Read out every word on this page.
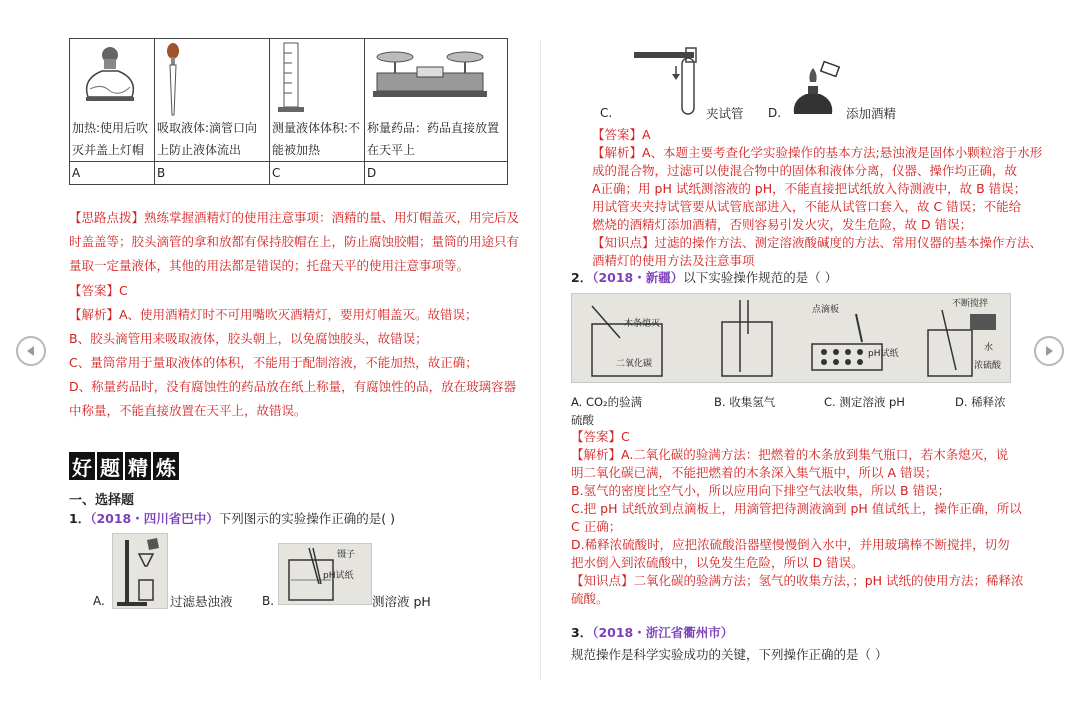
加热:使用后吹灭并盖上灯帽	吸取液体:滴管口向上防止液体流出	测量液体体积:不能被加热	称量药品：药品直接放置在天平上

A	B	C	D
【思路点拨】熟练掌握酒精灯的使用注意事项：酒精的量、用灯帽盖灭，用完后及
时盖盖等；胶头滴管的拿和放都有保持胶帽在上，防止腐蚀胶帽；量筒的用途只有
量取一定量液体，其他的用法都是错误的；托盘天平的使用注意事项等。
【答案】C
【解析】A、使用酒精灯时不可用嘴吹灭酒精灯，要用灯帽盖灭。故错误；
B、胶头滴管用来吸取液体，胶头朝上，以免腐蚀胶头，故错误；
C、量筒常用于量取液体的体积，不能用于配制溶液，不能加热，故正确；
D、称量药品时，没有腐蚀性的药品放在纸上称量，有腐蚀性的品，放在玻璃容器
中称量，不能直接放置在天平上，故错误。
好 题 精 炼
一、选择题
1．（2018・四川省巴中）下列图示的实验操作正确的是( )
A.	过滤悬浊液
镊子
pH试纸
B.	测溶液 pH
C.	夹试管 D.	添加酒精
【答案】A
【解析】A、本题主要考查化学实验操作的基本方法;悬浊液是固体小颗粒溶于水形
成的混合物，过滤可以使混合物中的固体和液体分离，仪器、操作均正确，故
A正确；用 pH 试纸测溶液的 pH，不能直接把试纸放入待测液中，故 B 错误；
用试管夹夹持试管要从试管底部进入，不能从试管口套入，故 C 错误；不能给
燃烧的酒精灯添加酒精，否则容易引发火灾，发生危险，故 D 错误；
【知识点】过滤的操作方法、测定溶液酸碱度的方法、常用仪器的基本操作方法、
酒精灯的使用方法及注意事项
2．（2018・新疆）以下实验操作规范的是（ ）
木条熄灭
二氧化碳
点滴板
pH试纸
不断搅拌
水
浓硫酸
A. CO₂的验满	B. 收集氢气	C. 测定溶液 pH	D. 稀释浓
硫酸
【答案】C
【解析】A.二氧化碳的验满方法：把燃着的木条放到集气瓶口，若木条熄灭，说
明二氧化碳已满，不能把燃着的木条深入集气瓶中，所以 A 错误；
B.氢气的密度比空气小，所以应用向下排空气法收集，所以 B 错误；
C.把 pH 试纸放到点滴板上，用滴管把待测液滴到 pH 值试纸上，操作正确，所以
C 正确；
D.稀释浓硫酸时，应把浓硫酸沿器壁慢慢倒入水中，并用玻璃棒不断搅拌，切勿
把水倒入到浓硫酸中，以免发生危险，所以 D 错误。
【知识点】二氧化碳的验满方法；氢气的收集方法，；pH 试纸的使用方法；稀释浓
硫酸。
3．（2018・浙江省衢州市）
规范操作是科学实验成功的关键，下列操作正确的是（ ）
